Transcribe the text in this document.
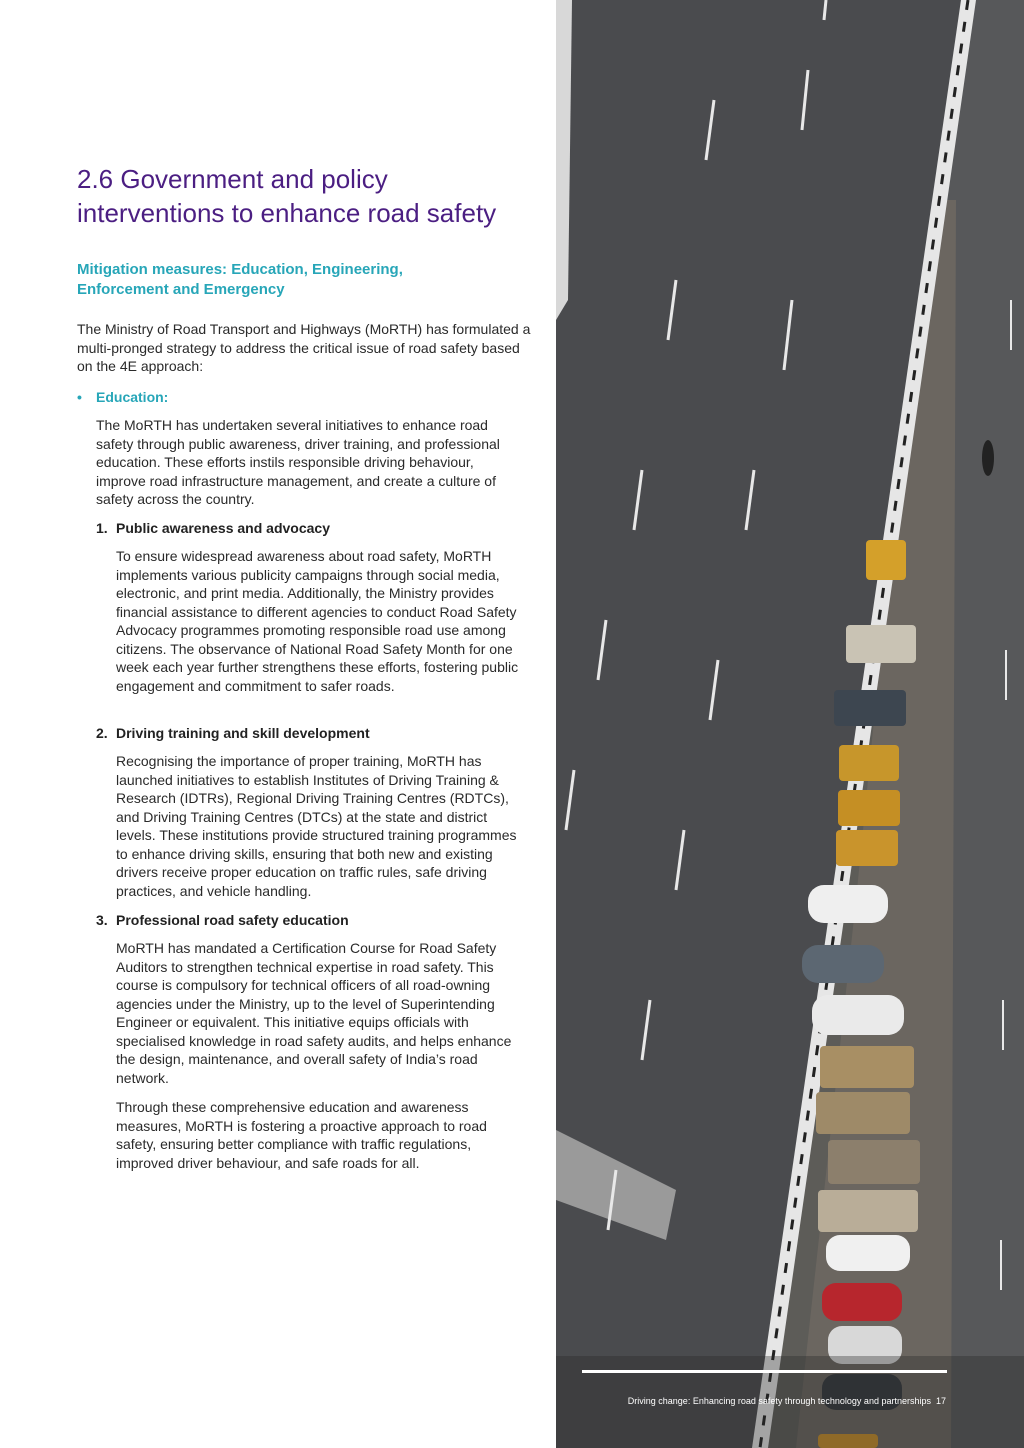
2.6 Government and policy
interventions to enhance road safety
Mitigation measures: Education, Engineering,
Enforcement and Emergency

The Ministry of Road Transport and Highways (MoRTH) has formulated a multi-pronged strategy to address the critical issue of road safety based on the 4E approach:

• Education:

The MoRTH has undertaken several initiatives to enhance road safety through public awareness, driver training, and professional education. These efforts instils responsible driving behaviour, improve road infrastructure management, and create a culture of safety across the country.

1. Public awareness and advocacy

To ensure widespread awareness about road safety, MoRTH implements various publicity campaigns through social media, electronic, and print media. Additionally, the Ministry provides financial assistance to different agencies to conduct Road Safety Advocacy programmes promoting responsible road use among citizens. The observance of National Road Safety Month for one week each year further strengthens these efforts, fostering public engagement and commitment to safer roads.

2. Driving training and skill development

Recognising the importance of proper training, MoRTH has launched initiatives to establish Institutes of Driving Training & Research (IDTRs), Regional Driving Training Centres (RDTCs), and Driving Training Centres (DTCs) at the state and district levels. These institutions provide structured training programmes to enhance driving skills, ensuring that both new and existing drivers receive proper education on traffic rules, safe driving practices, and vehicle handling.

3. Professional road safety education

MoRTH has mandated a Certification Course for Road Safety Auditors to strengthen technical expertise in road safety. This course is compulsory for technical officers of all road-owning agencies under the Ministry, up to the level of Superintending Engineer or equivalent. This initiative equips officials with specialised knowledge in road safety audits, and helps enhance the design, maintenance, and overall safety of India’s road network.

Through these comprehensive education and awareness measures, MoRTH is fostering a proactive approach to road safety, ensuring better compliance with traffic regulations, improved driver behaviour, and safe roads for all.

Driving change: Enhancing road safety through technology and partnerships 17
